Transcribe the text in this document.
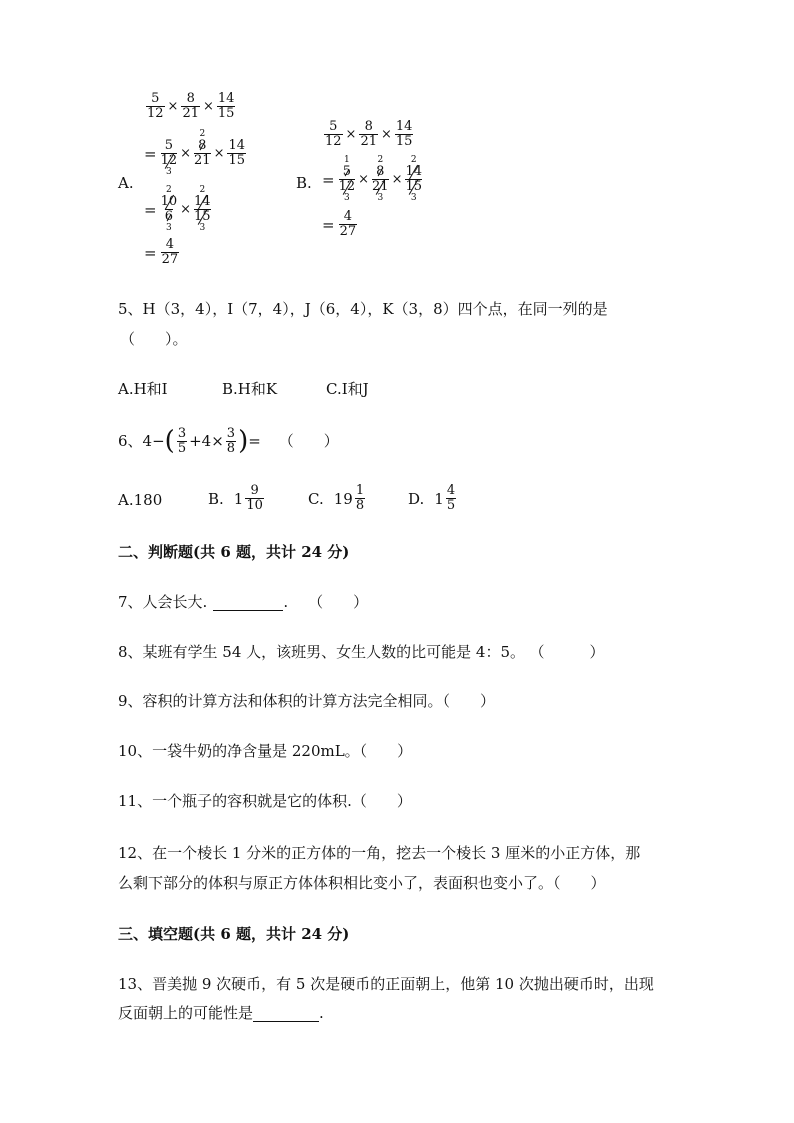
A.
$\frac{5}{12} \times \frac{8}{21} \times \frac{14}{15}$
= 5
12
3
×
2
8
$21 \times \frac{14}{15}$
=
2
10
6
3
×
2
14
15
3
= $\frac{4}{27}$
B.
$\frac{5}{12} \times \frac{8}{21} \times \frac{14}{15}$
=
1
5
12
3
×
2
8
21
3
×
2
14
15
3
= $\frac{4}{27}$
5、H（3，4），I（7，4），J（6，4），K（3，8）四个点，在同一列的是
（　　）。
A.H和I	B.H和K	C.I和J
6、4− ( $\frac{3}{5} +4\times \frac{3}{8}$ ) = （　　）
A.180	B. $1 \frac{9}{10}$	C. $19 \frac{1}{8}$	D. $1 \frac{4}{5}$
二、判断题(共 6 题，共计 24 分)
7、人会长大.	. （　　）
8、某班有学生 54 人，该班男、女生人数的比可能是 4：5。 （　　　）
9、容积的计算方法和体积的计算方法完全相同。（　　）
10、一袋牛奶的净含量是 220mL。（　　）
11、一个瓶子的容积就是它的体积.（　　）
12、在一个棱长 1 分米的正方体的一角，挖去一个棱长 3 厘米的小正方体，那
么剩下部分的体积与原正方体体积相比变小了，表面积也变小了。（　　）
三、填空题(共 6 题，共计 24 分)
13、晋美抛 9 次硬币，有 5 次是硬币的正面朝上，他第 10 次抛出硬币时，出现
反面朝上的可能性是	.
